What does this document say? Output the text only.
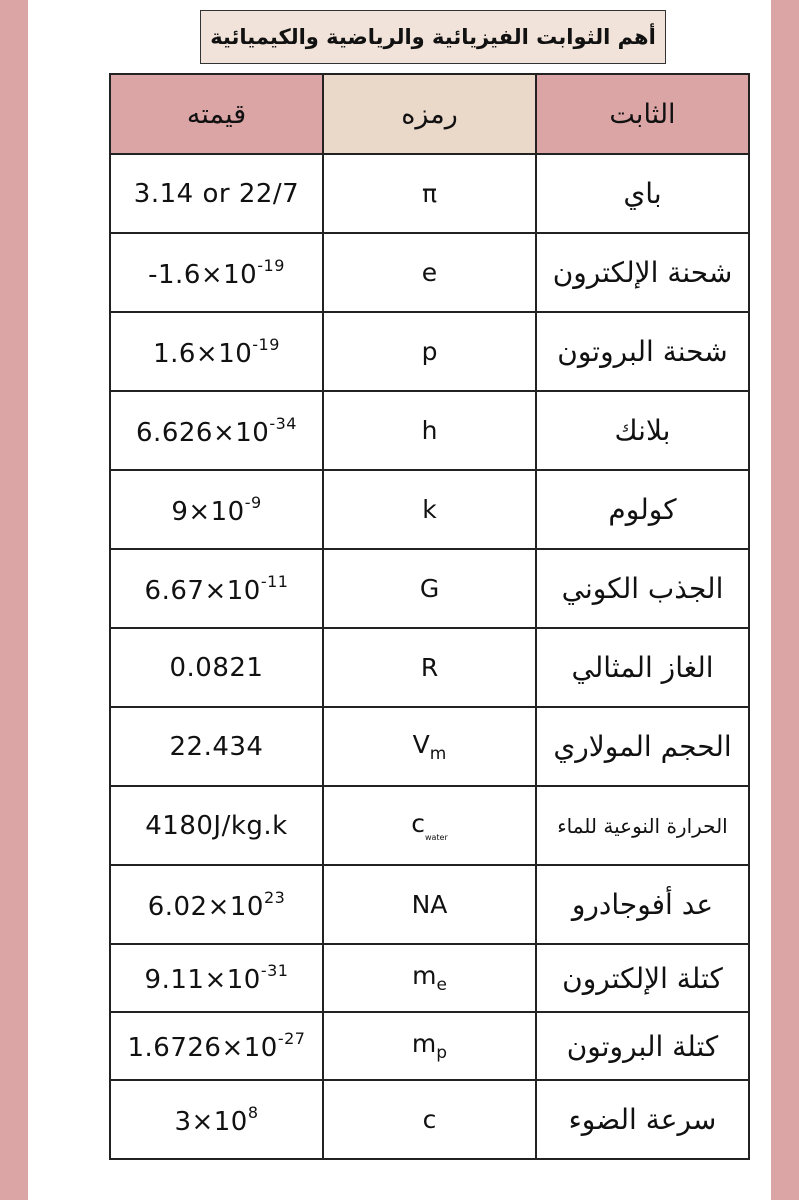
أهم الثوابت الفيزيائية والرياضية والكيميائية
قيمته	رمزه	الثابت
3.14 or 22/7	π	باي
$-1.6\times 10^{-19}$	e	شحنة الإلكترون
$1.6\times 10^{-19}$	p	شحنة البروتون
$6.626\times 10^{-34}$	h	بلانك
$9\times 10^{-9}$	k	كولوم
$6.67\times 10^{-11}$	G	الجذب الكوني
0.0821	R	الغاز المثالي
22.434	$V_m$	الحجم المولاري
4180J/kg.k	$c_{water}$	الحرارة النوعية للماء
$6.02\times 10^{23}$	NA	عد أفوجادرو
$9.11\times 10^{-31}$	$m_e$	كتلة الإلكترون
$1.6726\times 10^{-27}$	$m_p$	كتلة البروتون
$3\times 10^8$	c	سرعة الضوء
